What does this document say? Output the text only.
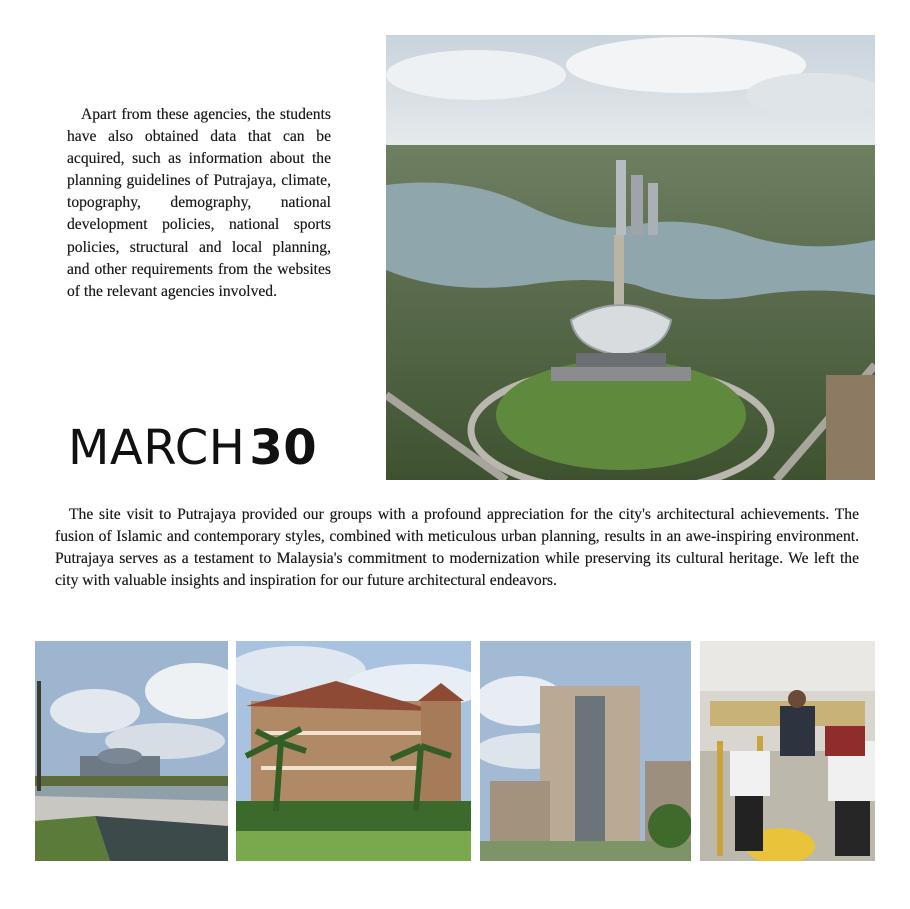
Apart from these agencies, the students have also obtained data that can be acquired, such as information about the planning guidelines of Putrajaya, climate, topography, demography, national development policies, national sports policies, structural and local planning, and other requirements from the websites of the relevant agencies involved.

MARCH30

The site visit to Putrajaya provided our groups with a profound appreciation for the city's architectural achievements. The fusion of Islamic and contemporary styles, combined with meticulous urban planning, results in an awe-inspiring environment. Putrajaya serves as a testament to Malaysia's commitment to modernization while preserving its cultural heritage. We left the city with valuable insights and inspiration for our future architectural endeavors.
